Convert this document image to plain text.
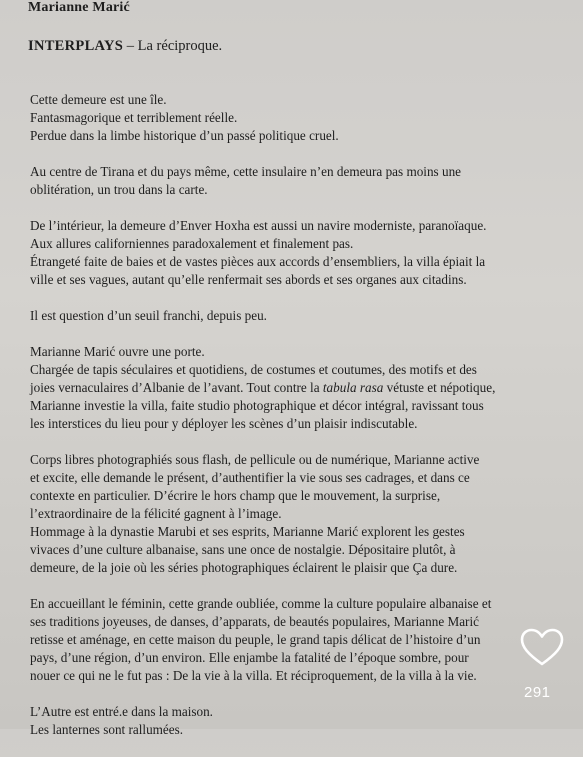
Marianne Marić
INTERPLAYS – La réciproque.
Cette demeure est une île.
Fantasmagorique et terriblement réelle.
Perdue dans la limbe historique d’un passé politique cruel.
Au centre de Tirana et du pays même, cette insulaire n’en demeura pas moins une
oblitération, un trou dans la carte.
De l’intérieur, la demeure d’Enver Hoxha est aussi un navire moderniste, paranoïaque.
Aux allures californiennes paradoxalement et finalement pas.
Étrangeté faite de baies et de vastes pièces aux accords d’ensembliers, la villa épiait la
ville et ses vagues, autant qu’elle renfermait ses abords et ses organes aux citadins.
Il est question d’un seuil franchi, depuis peu.
Marianne Marić ouvre une porte.
Chargée de tapis séculaires et quotidiens, de costumes et coutumes, des motifs et des
joies vernaculaires d’Albanie de l’avant. Tout contre la tabula rasa vétuste et népotique,
Marianne investie la villa, faite studio photographique et décor intégral, ravissant tous
les interstices du lieu pour y déployer les scènes d’un plaisir indiscutable.
Corps libres photographiés sous flash, de pellicule ou de numérique, Marianne active
et excite, elle demande le présent, d’authentifier la vie sous ses cadrages, et dans ce
contexte en particulier. D’écrire le hors champ que le mouvement, la surprise,
l’extraordinaire de la félicité gagnent à l’image.
Hommage à la dynastie Marubi et ses esprits, Marianne Marić explorent les gestes
vivaces d’une culture albanaise, sans une once de nostalgie. Dépositaire plutôt, à
demeure, de la joie où les séries photographiques éclairent le plaisir que Ça dure.
En accueillant le féminin, cette grande oubliée, comme la culture populaire albanaise et
ses traditions joyeuses, de danses, d’apparats, de beautés populaires, Marianne Marić
retisse et aménage, en cette maison du peuple, le grand tapis délicat de l’histoire d’un
pays, d’une région, d’un environ. Elle enjambe la fatalité de l’époque sombre, pour
nouer ce qui ne le fut pas : De la vie à la villa. Et réciproquement, de la villa à la vie.
L’Autre est entré.e dans la maison.
Les lanternes sont rallumées.
291
